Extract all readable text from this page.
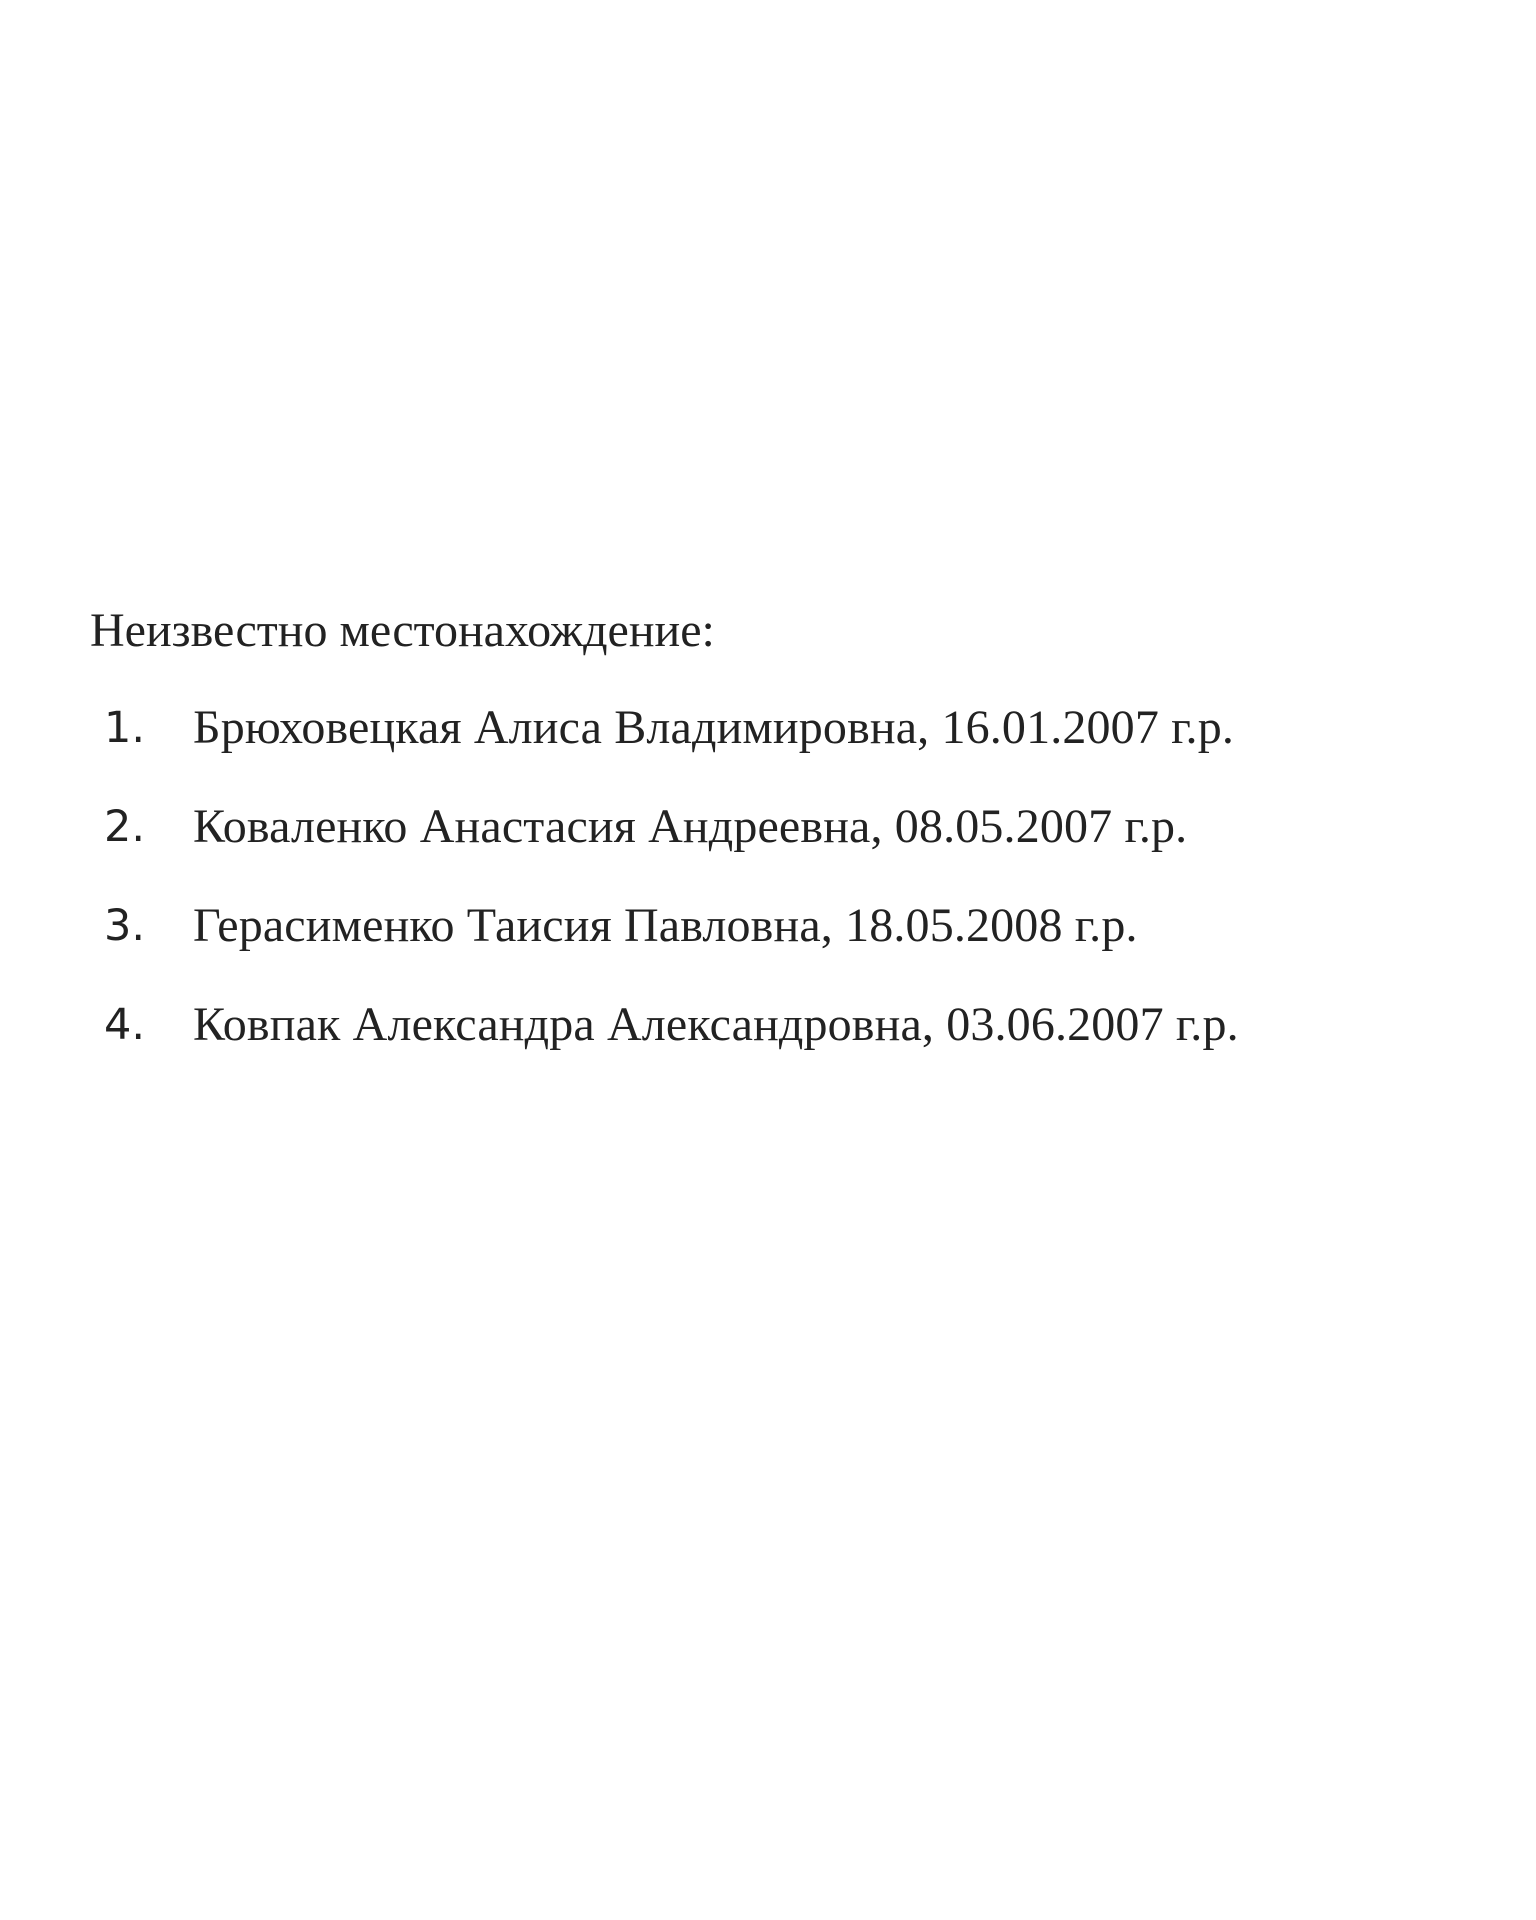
Неизвестно местонахождение:
1. Брюховецкая Алиса Владимировна, 16.01.2007 г.р.
2. Коваленко Анастасия Андреевна, 08.05.2007 г.р.
3. Герасименко Таисия Павловна, 18.05.2008 г.р.
4. Ковпак Александра Александровна, 03.06.2007 г.р.
